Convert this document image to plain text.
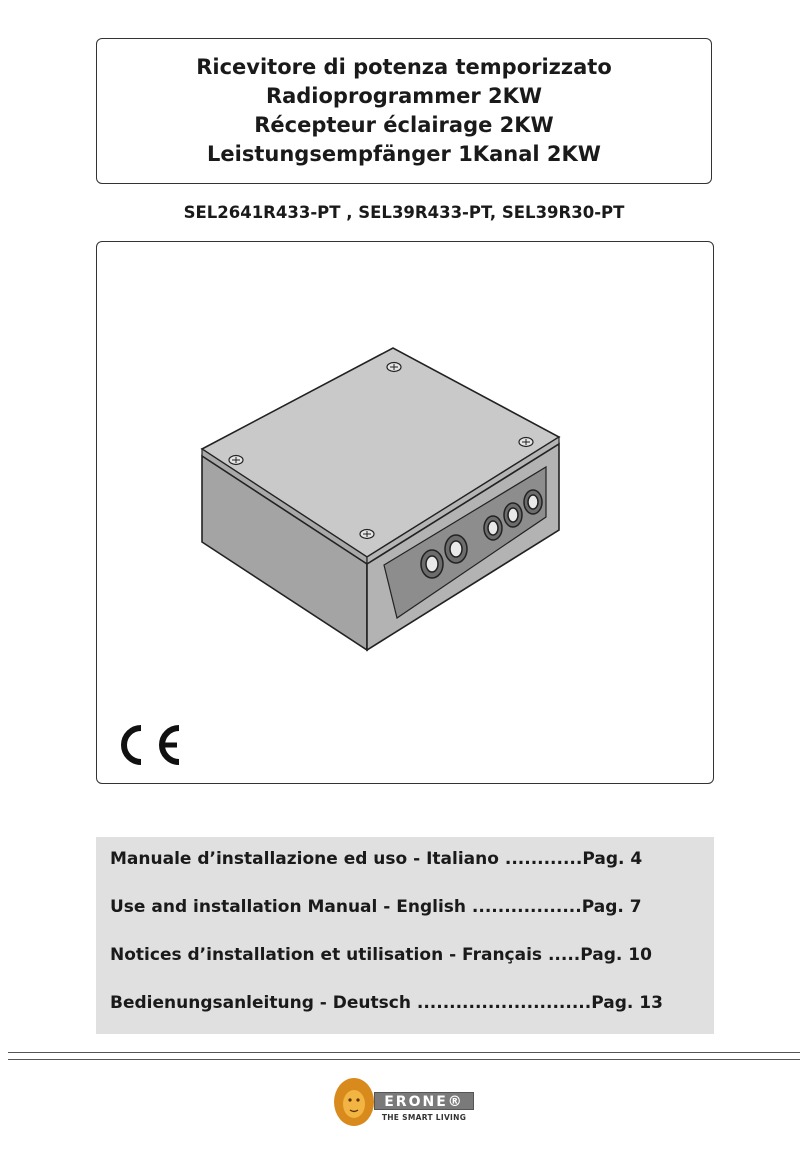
Ricevitore di potenza temporizzato
Radioprogrammer 2KW
Récepteur éclairage 2KW
Leistungsempfänger 1Kanal 2KW
SEL2641R433-PT , SEL39R433-PT, SEL39R30-PT
Manuale d’installazione ed uso - Italiano ............Pag. 4
Use and installation Manual - English .................Pag. 7
Notices d’installation et utilisation - Français .....Pag. 10
Bedienungsanleitung - Deutsch ...........................Pag. 13
ERONE®
THE SMART LIVING
